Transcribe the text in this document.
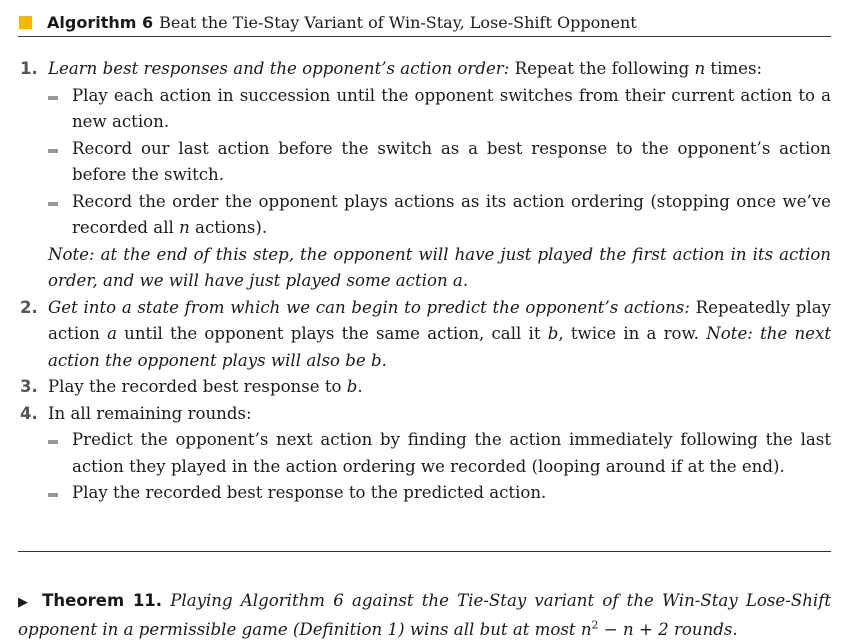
Algorithm 6 Beat the Tie-Stay Variant of Win-Stay, Lose-Shift Opponent
1. Learn best responses and the opponent’s action order: Repeat the following n times:
Play each action in succession until the opponent switches from their current action to a new action.
Record our last action before the switch as a best response to the opponent’s action before the switch.
Record the order the opponent plays actions as its action ordering (stopping once we’ve recorded all n actions).
Note: at the end of this step, the opponent will have just played the first action in its action order, and we will have just played some action a.
2. Get into a state from which we can begin to predict the opponent’s actions: Repeatedly play action a until the opponent plays the same action, call it b, twice in a row. Note: the next action the opponent plays will also be b.
3. Play the recorded best response to b.
4. In all remaining rounds:
Predict the opponent’s next action by finding the action immediately following the last action they played in the action ordering we recorded (looping around if at the end).
Play the recorded best response to the predicted action.
▶ Theorem 11. Playing Algorithm 6 against the Tie-Stay variant of the Win-Stay Lose-Shift opponent in a permissible game (Definition 1) wins all but at most $n^2 - n + 2$ rounds.
